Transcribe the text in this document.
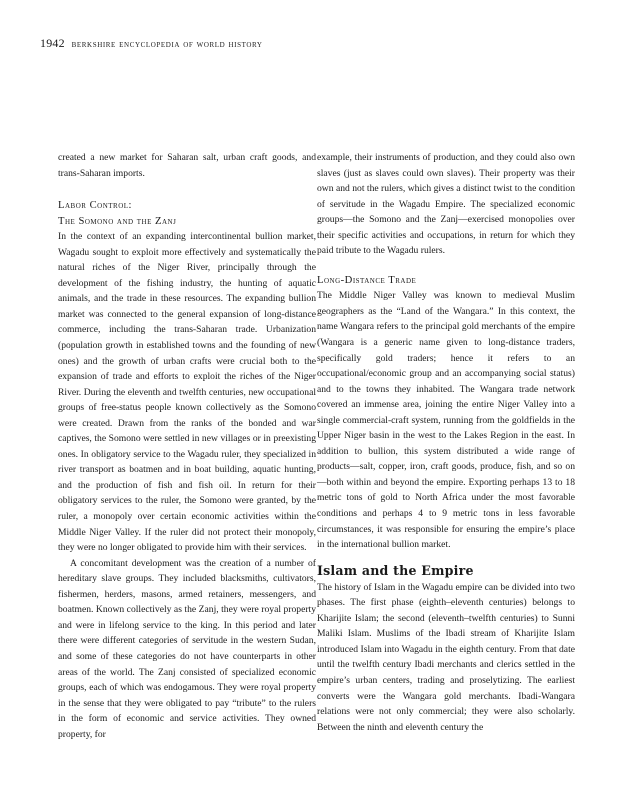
1942 berkshire encyclopedia of world history

created a new market for Saharan salt, urban craft goods, and trans-Saharan imports.

Labor Control:
The Somono and the Zanj

In the context of an expanding intercontinental bullion market, Wagadu sought to exploit more effectively and systematically the natural riches of the Niger River, principally through the development of the fishing industry, the hunting of aquatic animals, and the trade in these resources. The expanding bullion market was connected to the general expansion of long-distance commerce, including the trans-Saharan trade. Urbanization (population growth in established towns and the founding of new ones) and the growth of urban crafts were crucial both to the expansion of trade and efforts to exploit the riches of the Niger River. During the eleventh and twelfth centuries, new occupational groups of free-status people known collectively as the Somono were created. Drawn from the ranks of the bonded and war captives, the Somono were settled in new villages or in preexisting ones. In obligatory service to the Wagadu ruler, they specialized in river transport as boatmen and in boat building, aquatic hunting, and the production of fish and fish oil. In return for their obligatory services to the ruler, the Somono were granted, by the ruler, a monopoly over certain economic activities within the Middle Niger Valley. If the ruler did not protect their monopoly, they were no longer obligated to provide him with their services.

A concomitant development was the creation of a number of hereditary slave groups. They included blacksmiths, cultivators, fishermen, herders, masons, armed retainers, messengers, and boatmen. Known collectively as the Zanj, they were royal property and were in lifelong service to the king. In this period and later there were different categories of servitude in the western Sudan, and some of these categories do not have counterparts in other areas of the world. The Zanj consisted of specialized economic groups, each of which was endogamous. They were royal property in the sense that they were obligated to pay “tribute” to the rulers in the form of economic and service activities. They owned property, for

example, their instruments of production, and they could also own slaves (just as slaves could own slaves). Their property was their own and not the rulers, which gives a distinct twist to the condition of servitude in the Wagadu Empire. The specialized economic groups—the Somono and the Zanj—exercised monopolies over their specific activities and occupations, in return for which they paid tribute to the Wagadu rulers.

Long-Distance Trade

The Middle Niger Valley was known to medieval Muslim geographers as the “Land of the Wangara.” In this context, the name Wangara refers to the principal gold merchants of the empire (Wangara is a generic name given to long-distance traders, specifically gold traders; hence it refers to an occupational/economic group and an accompanying social status) and to the towns they inhabited. The Wangara trade network covered an immense area, joining the entire Niger Valley into a single commercial-craft system, running from the goldfields in the Upper Niger basin in the west to the Lakes Region in the east. In addition to bullion, this system distributed a wide range of products—salt, copper, iron, craft goods, produce, fish, and so on—both within and beyond the empire. Exporting perhaps 13 to 18 metric tons of gold to North Africa under the most favorable conditions and perhaps 4 to 9 metric tons in less favorable circumstances, it was responsible for ensuring the empire’s place in the international bullion market.

Islam and the Empire

The history of Islam in the Wagadu empire can be divided into two phases. The first phase (eighth–eleventh centuries) belongs to Kharijite Islam; the second (eleventh–twelfth centuries) to Sunni Maliki Islam. Muslims of the Ibadi stream of Kharijite Islam introduced Islam into Wagadu in the eighth century. From that date until the twelfth century Ibadi merchants and clerics settled in the empire’s urban centers, trading and proselytizing. The earliest converts were the Wangara gold merchants. Ibadi-Wangara relations were not only commercial; they were also scholarly. Between the ninth and eleventh century the
